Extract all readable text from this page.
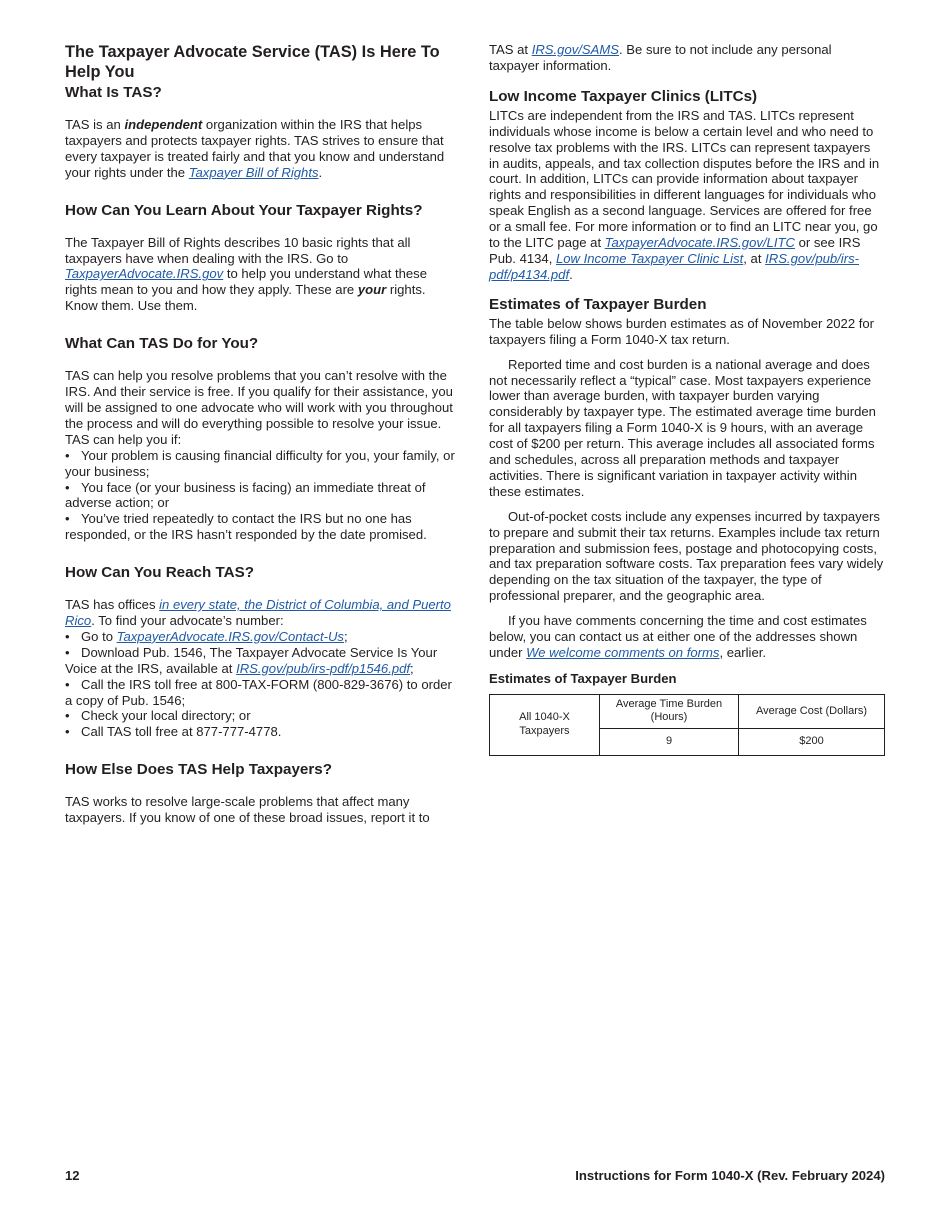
The Taxpayer Advocate Service (TAS) Is Here To Help You
What Is TAS?

TAS is an independent organization within the IRS that helps taxpayers and protects taxpayer rights. TAS strives to ensure that every taxpayer is treated fairly and that you know and understand your rights under the Taxpayer Bill of Rights.

How Can You Learn About Your Taxpayer Rights?

The Taxpayer Bill of Rights describes 10 basic rights that all taxpayers have when dealing with the IRS. Go to TaxpayerAdvocate.IRS.gov to help you understand what these rights mean to you and how they apply. These are your rights. Know them. Use them.

What Can TAS Do for You?

TAS can help you resolve problems that you can’t resolve with the IRS. And their service is free. If you qualify for their assistance, you will be assigned to one advocate who will work with you throughout the process and will do everything possible to resolve your issue. TAS can help you if:

• Your problem is causing financial difficulty for you, your family, or your business;
• You face (or your business is facing) an immediate threat of adverse action; or
• You’ve tried repeatedly to contact the IRS but no one has responded, or the IRS hasn’t responded by the date promised.
How Can You Reach TAS?

TAS has offices in every state, the District of Columbia, and Puerto Rico. To find your advocate’s number:

• Go to TaxpayerAdvocate.IRS.gov/Contact-Us;
• Download Pub. 1546, The Taxpayer Advocate Service Is Your Voice at the IRS, available at IRS.gov/pub/irs-pdf/p1546.pdf;
• Call the IRS toll free at 800-TAX-FORM (800-829-3676) to order a copy of Pub. 1546;
• Check your local directory; or
• Call TAS toll free at 877-777-4778.
How Else Does TAS Help Taxpayers?

TAS works to resolve large-scale problems that affect many taxpayers. If you know of one of these broad issues, report it to

TAS at IRS.gov/SAMS. Be sure to not include any personal taxpayer information.

Low Income Taxpayer Clinics (LITCs)

LITCs are independent from the IRS and TAS. LITCs represent individuals whose income is below a certain level and who need to resolve tax problems with the IRS. LITCs can represent taxpayers in audits, appeals, and tax collection disputes before the IRS and in court. In addition, LITCs can provide information about taxpayer rights and responsibilities in different languages for individuals who speak English as a second language. Services are offered for free or a small fee. For more information or to find an LITC near you, go to the LITC page at TaxpayerAdvocate.IRS.gov/LITC or see IRS Pub. 4134, Low Income Taxpayer Clinic List, at IRS.gov/pub/irs-pdf/p4134.pdf.

Estimates of Taxpayer Burden

The table below shows burden estimates as of November 2022 for taxpayers filing a Form 1040-X tax return.

Reported time and cost burden is a national average and does not necessarily reflect a “typical” case. Most taxpayers experience lower than average burden, with taxpayer burden varying considerably by taxpayer type. The estimated average time burden for all taxpayers filing a Form 1040-X is 9 hours, with an average cost of $200 per return. This average includes all associated forms and schedules, across all preparation methods and taxpayer activities. There is significant variation in taxpayer activity within these estimates.

Out-of-pocket costs include any expenses incurred by taxpayers to prepare and submit their tax returns. Examples include tax return preparation and submission fees, postage and photocopying costs, and tax preparation software costs. Tax preparation fees vary widely depending on the tax situation of the taxpayer, the type of professional preparer, and the geographic area.

If you have comments concerning the time and cost estimates below, you can contact us at either one of the addresses shown under We welcome comments on forms, earlier.

Estimates of Taxpayer Burden
All 1040-X Taxpayers	Average Time Burden (Hours)	Average Cost (Dollars)
	9	$200
12	Instructions for Form 1040-X (Rev. February 2024)
